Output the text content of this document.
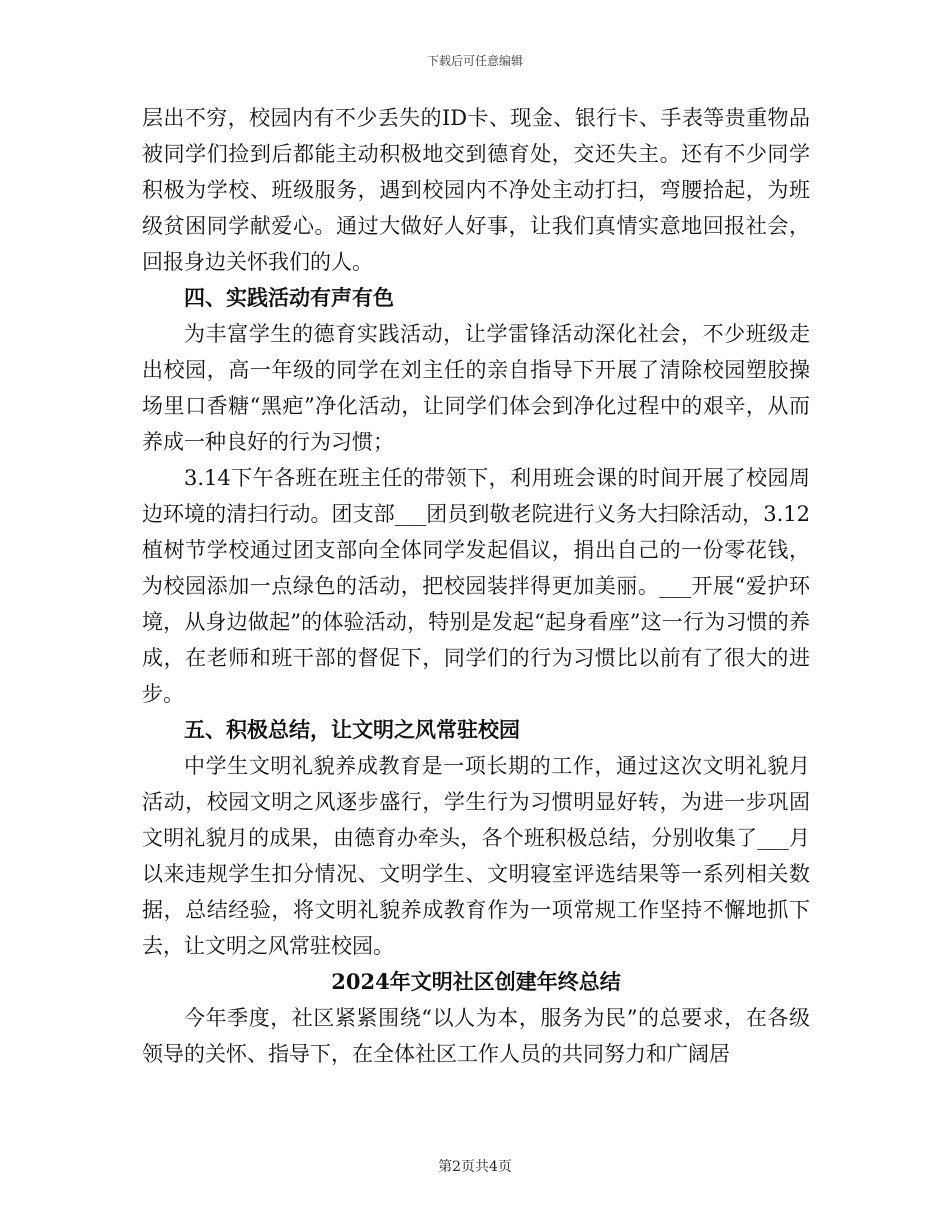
下载后可任意编辑

层出不穷，校园内有不少丢失的ID卡、现金、银行卡、手表等贵重物品被同学们捡到后都能主动积极地交到德育处，交还失主。还有不少同学积极为学校、班级服务，遇到校园内不净处主动打扫，弯腰拾起，为班级贫困同学献爱心。通过大做好人好事，让我们真情实意地回报社会，回报身边关怀我们的人。

四、实践活动有声有色

为丰富学生的德育实践活动，让学雷锋活动深化社会，不少班级走出校园，高一年级的同学在刘主任的亲自指导下开展了清除校园塑胶操场里口香糖“黑疤”净化活动，让同学们体会到净化过程中的艰辛，从而养成一种良好的行为习惯；

3.14下午各班在班主任的带领下，利用班会课的时间开展了校园周边环境的清扫行动。团支部___团员到敬老院进行义务大扫除活动，3.12植树节学校通过团支部向全体同学发起倡议，捐出自己的一份零花钱，为校园添加一点绿色的活动，把校园装拌得更加美丽。___开展“爱护环境，从身边做起”的体验活动，特别是发起“起身看座”这一行为习惯的养成，在老师和班干部的督促下，同学们的行为习惯比以前有了很大的进步。

五、积极总结，让文明之风常驻校园

中学生文明礼貌养成教育是一项长期的工作，通过这次文明礼貌月活动，校园文明之风逐步盛行，学生行为习惯明显好转，为进一步巩固文明礼貌月的成果，由德育办牵头，各个班积极总结，分别收集了___月以来违规学生扣分情况、文明学生、文明寝室评选结果等一系列相关数据，总结经验，将文明礼貌养成教育作为一项常规工作坚持不懈地抓下去，让文明之风常驻校园。

2024年文明社区创建年终总结

今年季度，社区紧紧围绕“以人为本，服务为民”的总要求，在各级领导的关怀、指导下，在全体社区工作人员的共同努力和广阔居

第2页共4页
